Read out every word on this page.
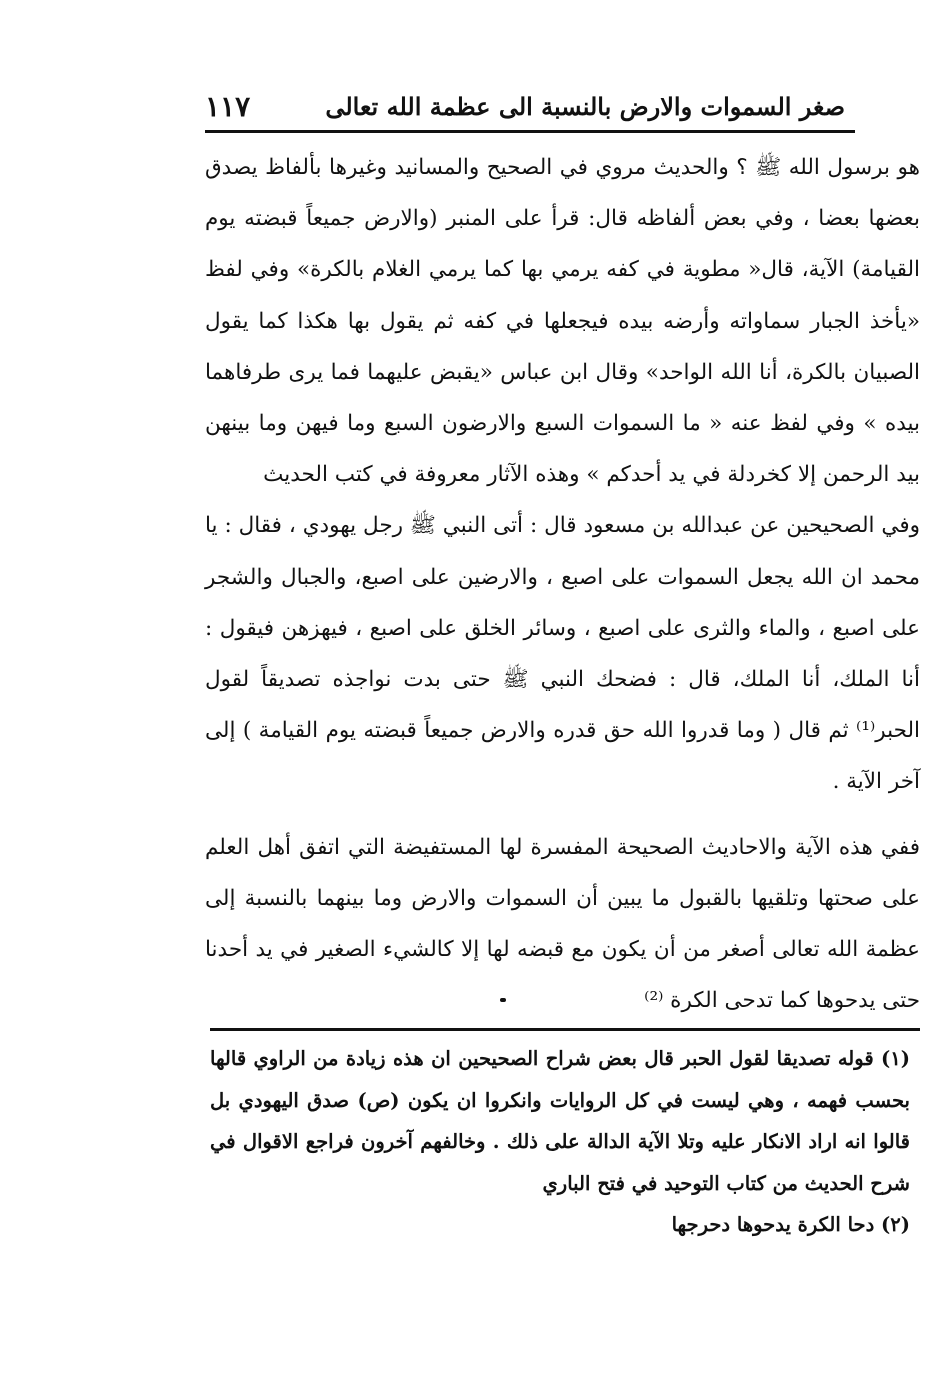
صغر السموات والارض بالنسبة الى عظمة الله تعالى
١١٧

هو برسول الله ﷺ ؟ والحديث مروي في الصحيح والمسانيد وغيرها بألفاظ يصدق بعضها بعضا ، وفي بعض ألفاظه قال: قرأ على المنبر (والارض جميعاً قبضته يوم القيامة) الآية، قال« مطوية في كفه يرمي بها كما يرمي الغلام بالكرة» وفي لفظ «يأخذ الجبار سماواته وأرضه بيده فيجعلها في كفه ثم يقول بها هكذا كما يقول الصبيان بالكرة، أنا الله الواحد» وقال ابن عباس «يقبض عليهما فما يرى طرفاهما بيده » وفي لفظ عنه « ما السموات السبع والارضون السبع وما فيهن وما بينهن بيد الرحمن إلا كخردلة في يد أحدكم » وهذه الآثار معروفة في كتب الحديث

وفي الصحيحين عن عبدالله بن مسعود قال : أتى النبي ﷺ رجل يهودي ، فقال : يا محمد ان الله يجعل السموات على اصبع ، والارضين على اصبع، والجبال والشجر على اصبع ، والماء والثرى على اصبع ، وسائر الخلق على اصبع ، فيهزهن فيقول : أنا الملك، أنا الملك، قال : فضحك النبي ﷺ حتى بدت نواجذه تصديقاً لقول الحبر⁽¹⁾ ثم قال ( وما قدروا الله حق قدره والارض جميعاً قبضته يوم القيامة ) إلى آخر الآية .

ففي هذه الآية والاحاديث الصحيحة المفسرة لها المستفيضة التي اتفق أهل العلم على صحتها وتلقيها بالقبول ما يبين أن السموات والارض وما بينهما بالنسبة إلى عظمة الله تعالى أصغر من أن يكون مع قبضه لها إلا كالشيء الصغير في يد أحدنا حتى يدحوها كما تدحى الكرة ⁽²⁾

(١) قوله تصديقا لقول الحبر قال بعض شراح الصحيحين ان هذه زيادة من الراوي قالها بحسب فهمه ، وهي ليست في كل الروايات وانكروا ان يكون (ص) صدق اليهودي بل قالوا انه اراد الانكار عليه وتلا الآية الدالة على ذلك . وخالفهم آخرون فراجع الاقوال في شرح الحديث من كتاب التوحيد في فتح الباري

(٢) دحا الكرة يدحوها دحرجها
